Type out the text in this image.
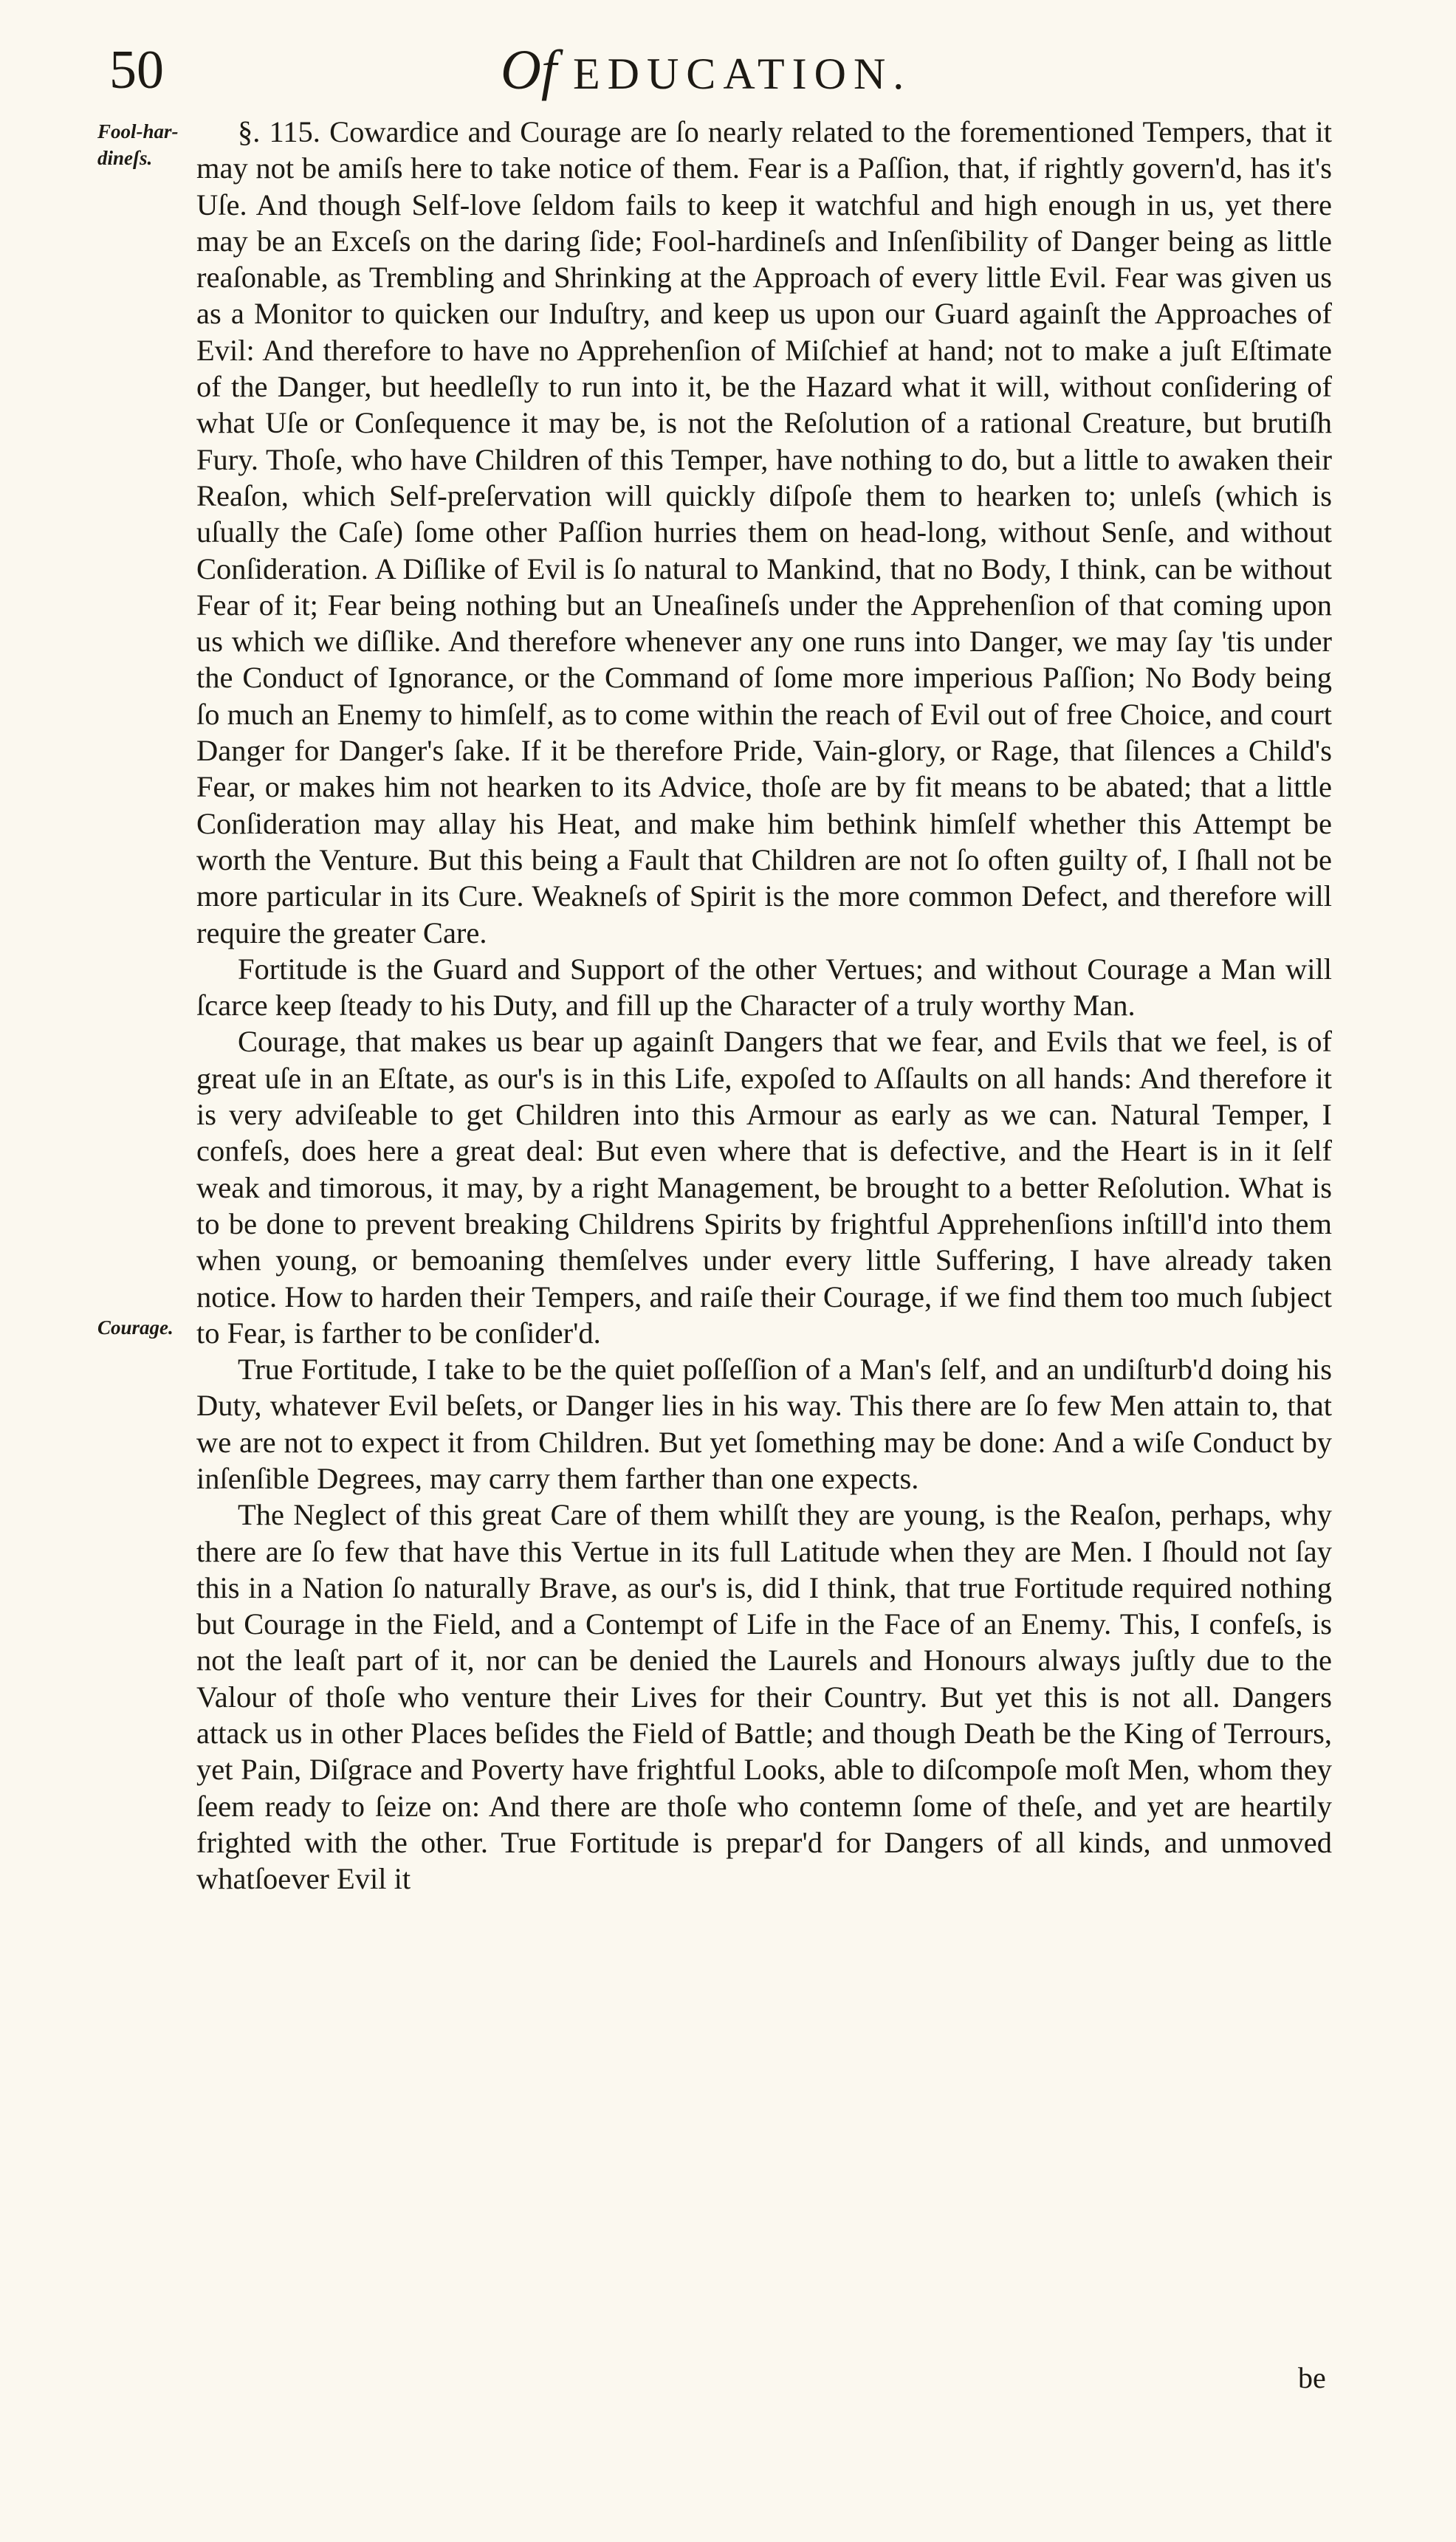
50	Of EDUCATION.
Fool-har-dineſs.
Courage.

§. 115. Cowardice and Courage are ſo nearly related to the forementioned Tempers, that it may not be amiſs here to take notice of them. Fear is a Paſſion, that, if rightly govern'd, has it's Uſe. And though Self-love ſeldom fails to keep it watchful and high enough in us, yet there may be an Exceſs on the daring ſide; Fool-hardineſs and Inſenſibility of Danger being as little reaſonable, as Trembling and Shrinking at the Approach of every little Evil. Fear was given us as a Monitor to quicken our Induſtry, and keep us upon our Guard againſt the Approaches of Evil: And therefore to have no Apprehenſion of Miſchief at hand; not to make a juſt Eſtimate of the Danger, but heedleſly to run into it, be the Hazard what it will, without conſidering of what Uſe or Conſequence it may be, is not the Reſolution of a rational Creature, but brutiſh Fury. Thoſe, who have Children of this Temper, have nothing to do, but a little to awaken their Reaſon, which Self-preſervation will quickly diſpoſe them to hearken to; unleſs (which is uſually the Caſe) ſome other Paſſion hurries them on head-long, without Senſe, and without Conſideration. A Diſlike of Evil is ſo natural to Mankind, that no Body, I think, can be without Fear of it; Fear being nothing but an Uneaſineſs under the Apprehenſion of that coming upon us which we diſlike. And therefore whenever any one runs into Danger, we may ſay 'tis under the Conduct of Ignorance, or the Command of ſome more imperious Paſſion; No Body being ſo much an Enemy to himſelf, as to come within the reach of Evil out of free Choice, and court Danger for Danger's ſake. If it be therefore Pride, Vain-glory, or Rage, that ſilences a Child's Fear, or makes him not hearken to its Advice, thoſe are by fit means to be abated; that a little Conſideration may allay his Heat, and make him bethink himſelf whether this Attempt be worth the Venture. But this being a Fault that Children are not ſo often guilty of, I ſhall not be more particular in its Cure. Weakneſs of Spirit is the more common Defect, and therefore will require the greater Care.

Fortitude is the Guard and Support of the other Vertues; and without Courage a Man will ſcarce keep ſteady to his Duty, and fill up the Character of a truly worthy Man.

Courage, that makes us bear up againſt Dangers that we fear, and Evils that we feel, is of great uſe in an Eſtate, as our's is in this Life, expoſed to Aſſaults on all hands: And therefore it is very adviſeable to get Children into this Armour as early as we can. Natural Temper, I confeſs, does here a great deal: But even where that is defective, and the Heart is in it ſelf weak and timorous, it may, by a right Management, be brought to a better Reſolution. What is to be done to prevent breaking Childrens Spirits by frightful Apprehenſions inſtill'd into them when young, or bemoaning themſelves under every little Suffering, I have already taken notice. How to harden their Tempers, and raiſe their Courage, if we find them too much ſubject to Fear, is farther to be conſider'd.

True Fortitude, I take to be the quiet poſſeſſion of a Man's ſelf, and an undiſturb'd doing his Duty, whatever Evil beſets, or Danger lies in his way. This there are ſo few Men attain to, that we are not to expect it from Children. But yet ſomething may be done: And a wiſe Conduct by inſenſible Degrees, may carry them farther than one expects.

The Neglect of this great Care of them whilſt they are young, is the Reaſon, perhaps, why there are ſo few that have this Vertue in its full Latitude when they are Men. I ſhould not ſay this in a Nation ſo naturally Brave, as our's is, did I think, that true Fortitude required nothing but Courage in the Field, and a Contempt of Life in the Face of an Enemy. This, I confeſs, is not the leaſt part of it, nor can be denied the Laurels and Honours always juſtly due to the Valour of thoſe who venture their Lives for their Country. But yet this is not all. Dangers attack us in other Places beſides the Field of Battle; and though Death be the King of Terrours, yet Pain, Diſgrace and Poverty have frightful Looks, able to diſcompoſe moſt Men, whom they ſeem ready to ſeize on: And there are thoſe who contemn ſome of theſe, and yet are heartily frighted with the other. True Fortitude is prepar'd for Dangers of all kinds, and unmoved whatſoever Evil it

be
